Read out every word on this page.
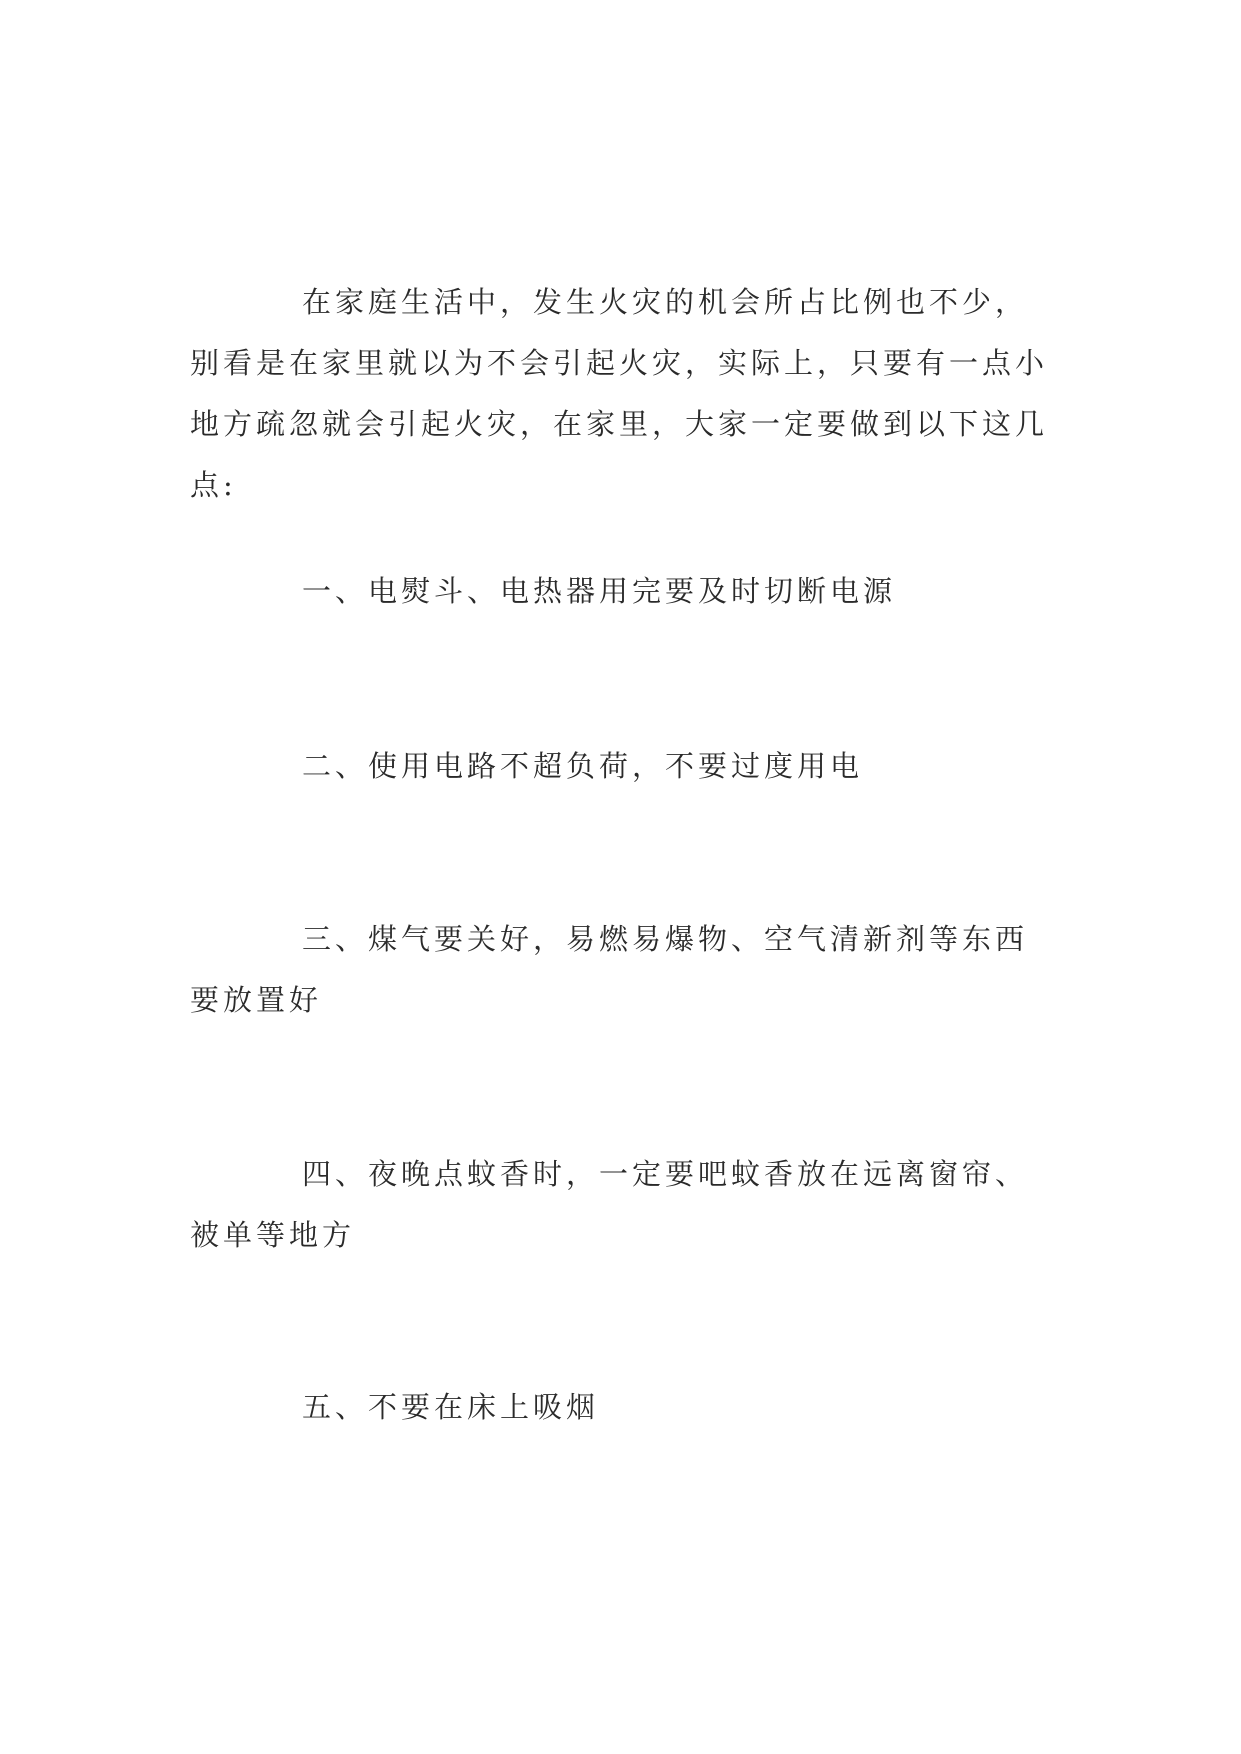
在家庭生活中，发生火灾的机会所占比例也不少，别看是在家里就以为不会引起火灾，实际上，只要有一点小地方疏忽就会引起火灾，在家里，大家一定要做到以下这几点:

一、电熨斗、电热器用完要及时切断电源

二、使用电路不超负荷，不要过度用电

三、煤气要关好，易燃易爆物、空气清新剂等东西要放置好

四、夜晚点蚊香时，一定要吧蚊香放在远离窗帘、被单等地方

五、不要在床上吸烟
